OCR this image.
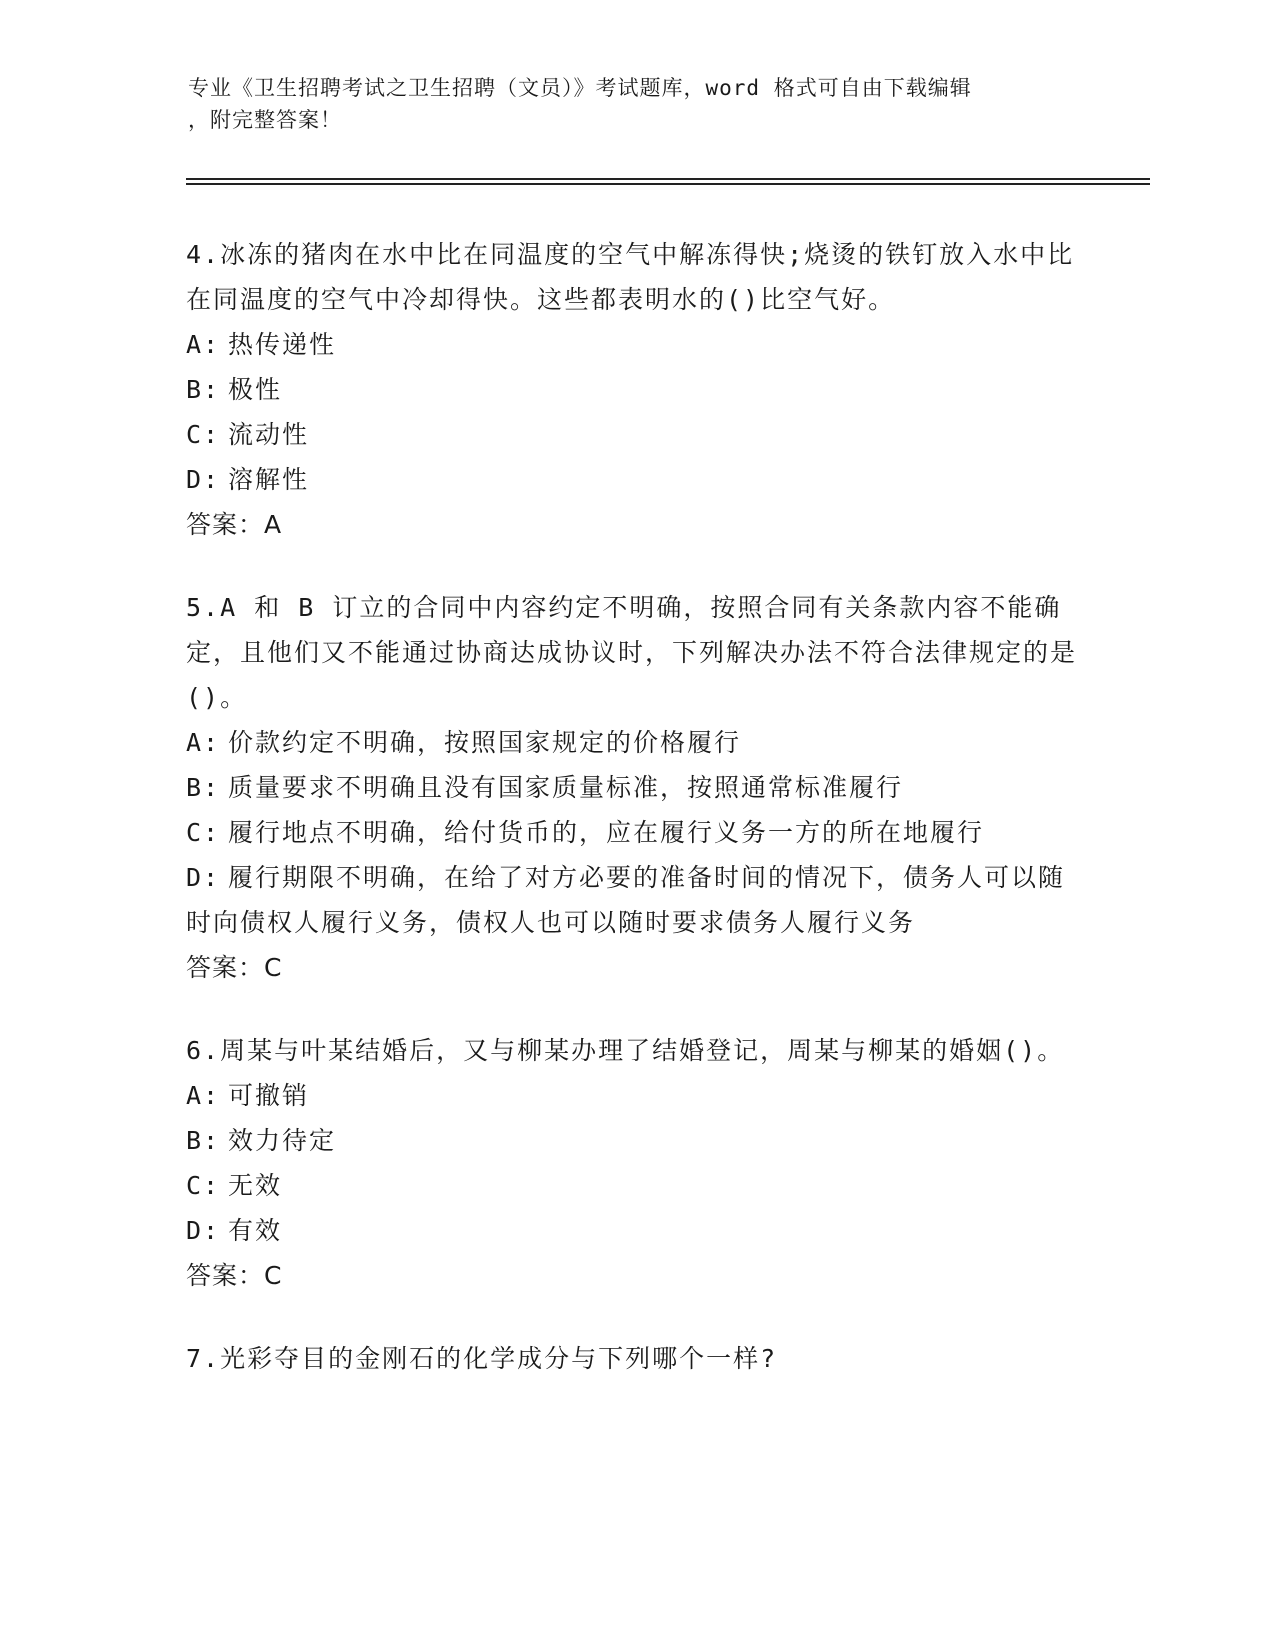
专业《卫生招聘考试之卫生招聘（文员）》考试题库，word 格式可自由下载编辑
，附完整答案！

4.冰冻的猪肉在水中比在同温度的空气中解冻得快;烧烫的铁钉放入水中比在同温度的空气中冷却得快。这些都表明水的()比空气好。

A: 热传递性

B: 极性

C: 流动性

D: 溶解性

答案：A

5.A 和 B 订立的合同中内容约定不明确，按照合同有关条款内容不能确定，且他们又不能通过协商达成协议时，下列解决办法不符合法律规定的是()。

A: 价款约定不明确，按照国家规定的价格履行

B: 质量要求不明确且没有国家质量标准，按照通常标准履行

C: 履行地点不明确，给付货币的，应在履行义务一方的所在地履行

D: 履行期限不明确，在给了对方必要的准备时间的情况下，债务人可以随时向债权人履行义务，债权人也可以随时要求债务人履行义务

答案：C

6.周某与叶某结婚后，又与柳某办理了结婚登记，周某与柳某的婚姻()。

A: 可撤销

B: 效力待定

C: 无效

D: 有效

答案：C

7.光彩夺目的金刚石的化学成分与下列哪个一样?
